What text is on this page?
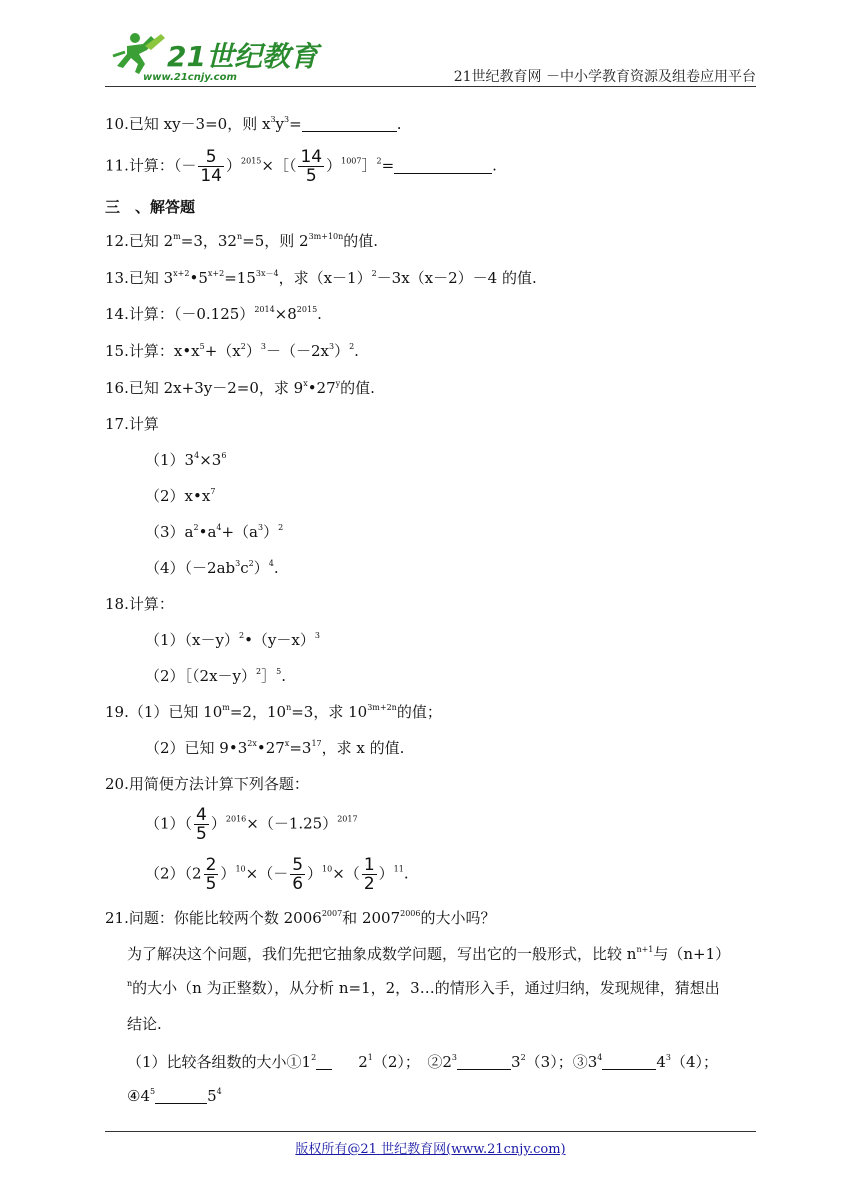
21世纪教育
www.21cnjy.com	21世纪教育网 －中小学教育资源及组卷应用平台
10.已知 xy－3=0，则 $x^3y^3=$	.
11.计算：（－ $\frac{5}{14}$ ）$^{2015}$×［（ $\frac{14}{5}$ ）$^{1007}$］$^2$=	.
三　、解答题
12.已知 $2^m=3$，$32^n=5$，则 $2^{3m+10n}$的值.
13.已知 $3^{x+2}•5^{x+2}=15^{3x-4}$，求$(x-1)^2-3x(x-2)-4$ 的值.
14.计算：$(-0.125)^{2014}\times 8^{2015}$.
15.计算：$x•x^5+(x^2)^3-(-2x^3)^2$.
16.已知 2x+3y－2=0，求 9$^x$•27$^y$的值.
17.计算
$(1)3^4\times 3^6$
$(2)x•x^7$
$(3)a^2•a^4+(a^3)^2$
$(4)(-2ab^3c^2)^4$.
18.计算：
$(1)(x-y)^2•(y-x)^3$
$(2)[(2x-y)^2]^5$.
19.（1）已知 $10^m=2$，$10^n=3$，求 $10^{3m+2n}$的值；
（2）已知 $9•3^{2x}•27^x=3^{17}$，求 x 的值.
20.用简便方法计算下列各题：
$(1)( \frac{4}{5} )^{2016}\times(-1.25)^{2017}$
$(2)(2 \frac{2}{5} )^{10}\times(- \frac{5}{6} )^{10}\times( \frac{1}{2} )^{11}$.
21.问题：你能比较两个数 $2006^{2007}$和 $2007^{2006}$的大小吗？
为了解决这个问题，我们先把它抽象成数学问题，写出它的一般形式，比较 $n^{n+1}$与（n+1）
$^n$的大小（n 为正整数），从分析 n=1，2，3…的情形入手，通过归纳，发现规律，猜想出
结论.
（1）比较各组数的大小$①1^2$	$2^1(2)$；　$②2^3$	$3^2(3)$；$③3^4$	$4^3(4)$；
$④4^5$	$5^4$
版权所有@21 世纪教育网(www.21cnjy.com)
